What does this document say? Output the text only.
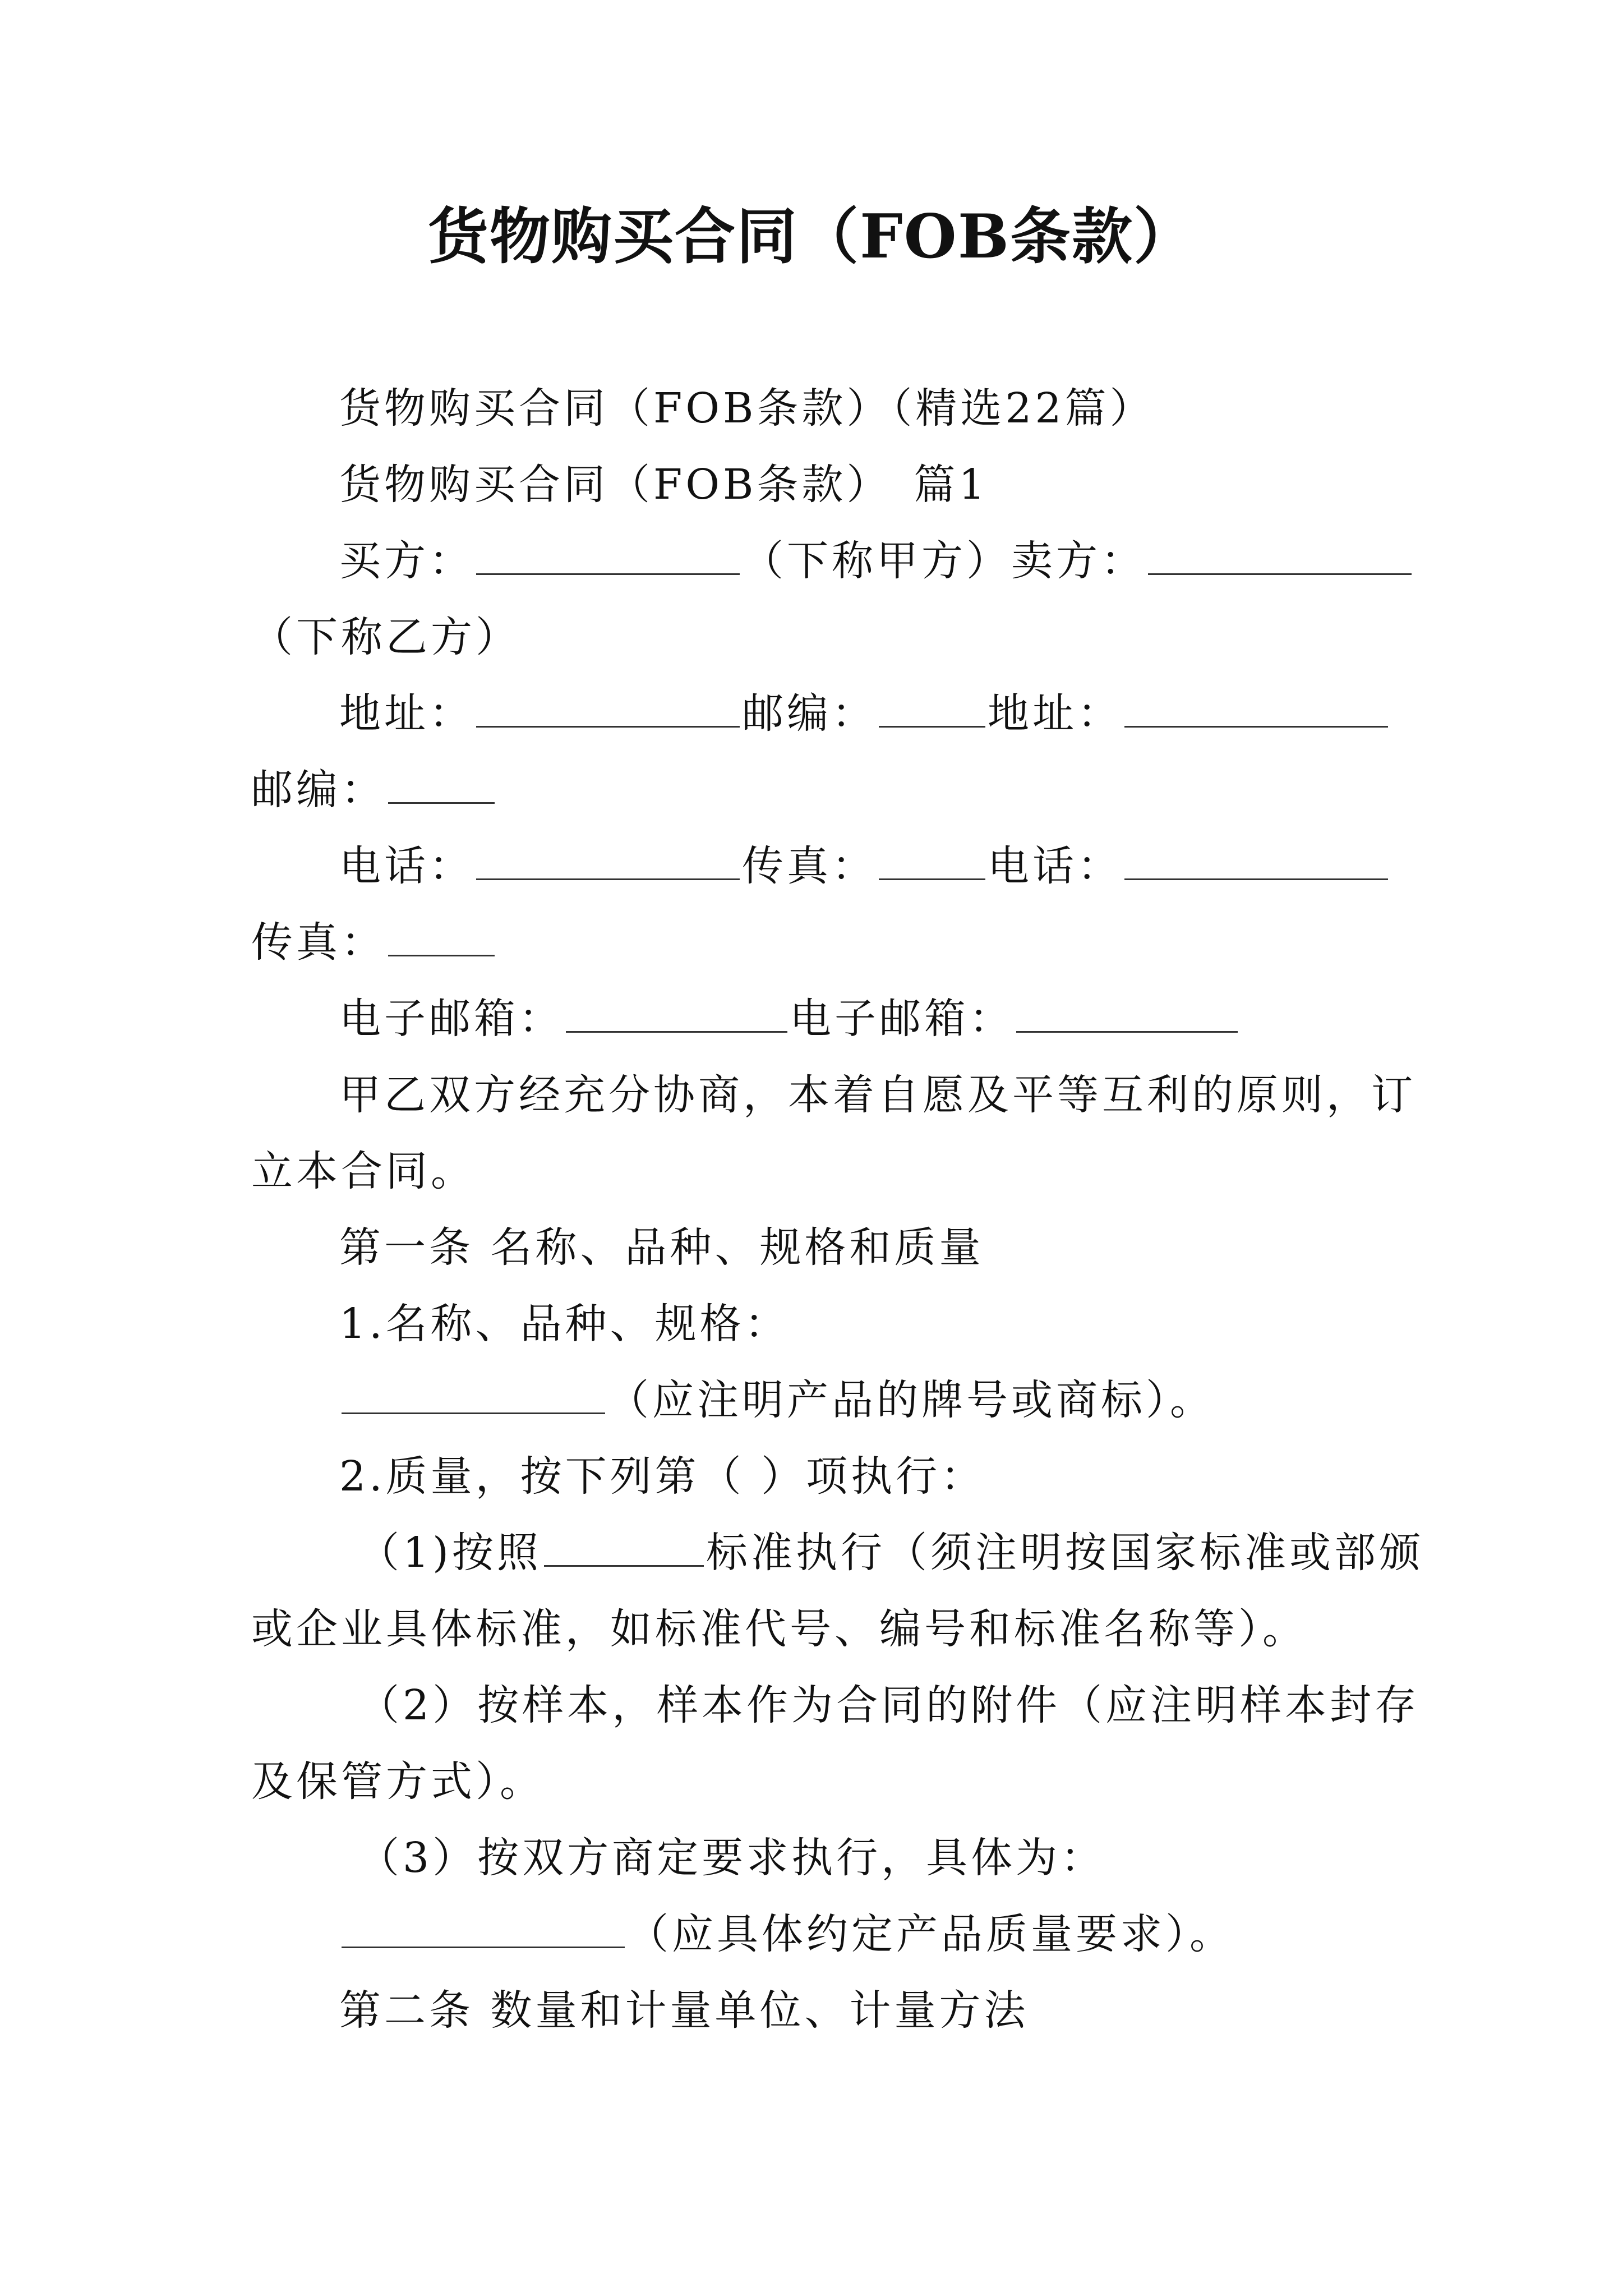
货物购买合同（FOB条款）

货物购买合同（FOB条款）（精选22篇）

货物购买合同（FOB条款） 篇1

买方：	（下称甲方）卖方：

（下称乙方）

地址：	邮编：	地址：

邮编：

电话：	传真：	电话：

传真：

电子邮箱：	电子邮箱：

甲乙双方经充分协商，本着自愿及平等互利的原则，订

立本合同。

第一条 名称、品种、规格和质量

1.名称、品种、规格：

（应注明产品的牌号或商标）。

2.质量，按下列第（ ）项执行：

（1)按照	标准执行（须注明按国家标准或部颁

或企业具体标准，如标准代号、编号和标准名称等）。

（2）按样本，样本作为合同的附件（应注明样本封存

及保管方式）。

（3）按双方商定要求执行，具体为：

（应具体约定产品质量要求）。

第二条 数量和计量单位、计量方法
